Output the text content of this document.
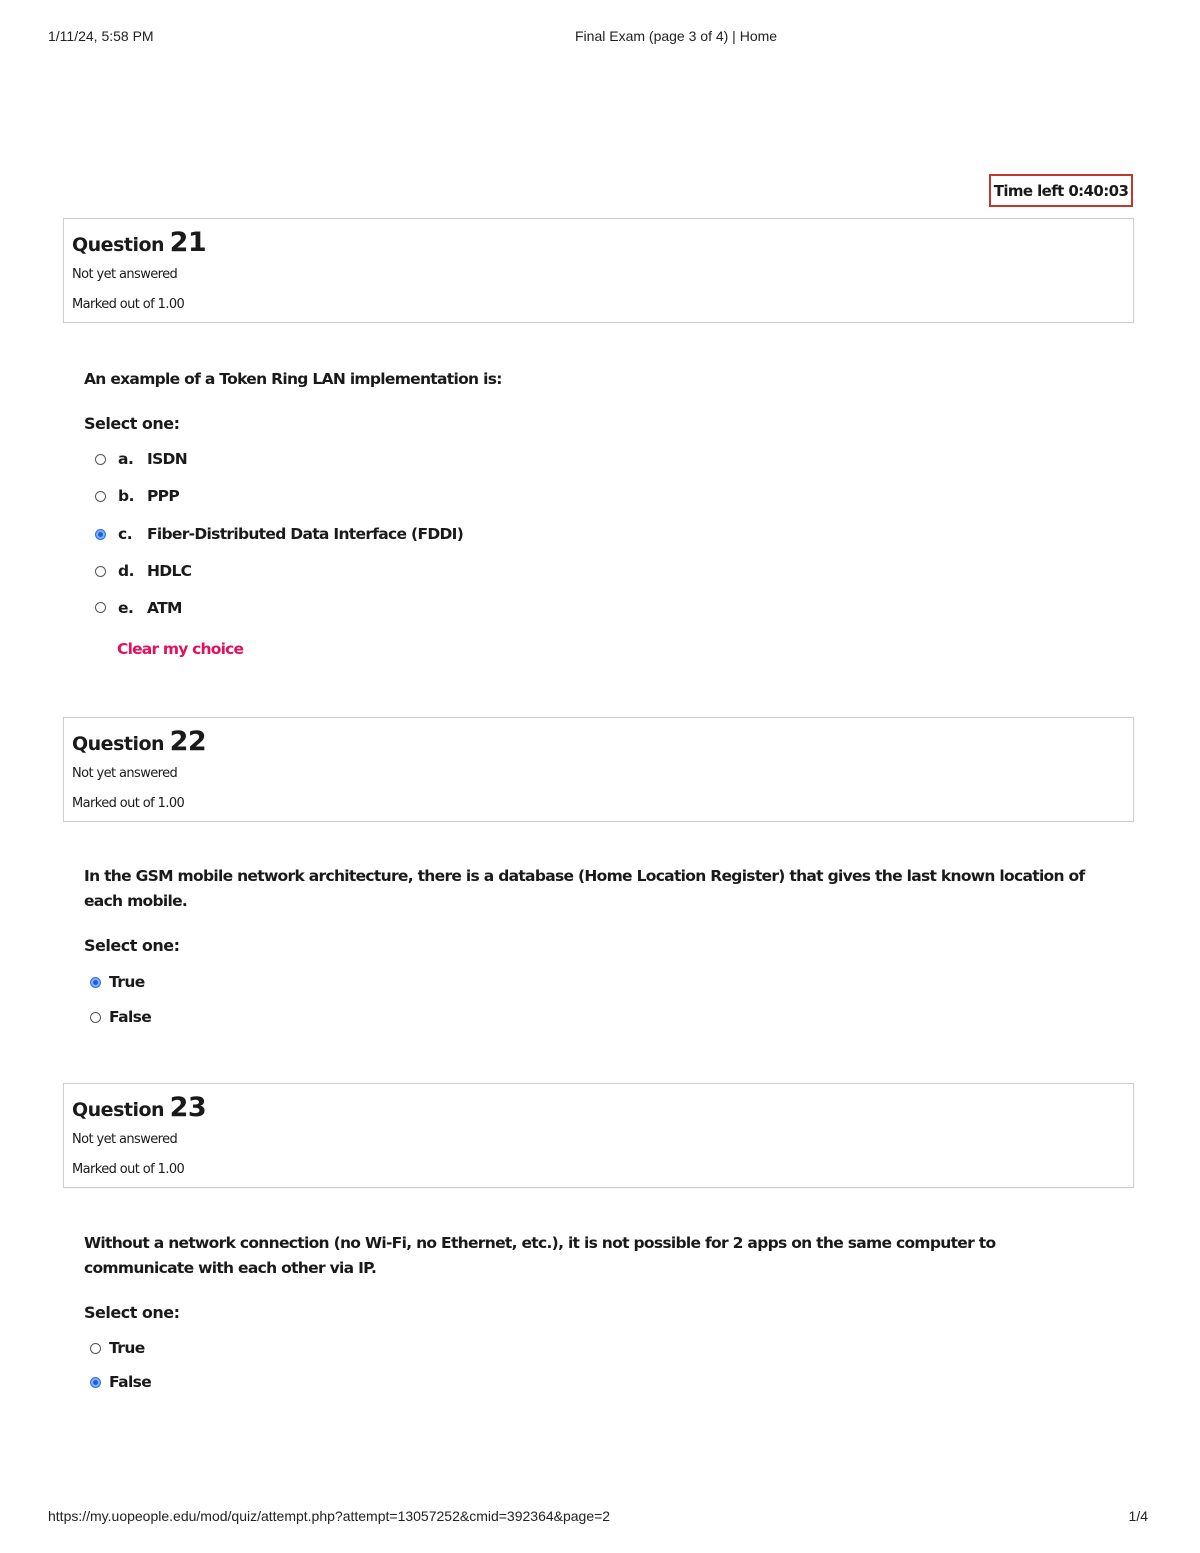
1/11/24, 5:58 PM	Final Exam (page 3 of 4) | Home
Time left 0:40:03
Question 21
Not yet answered
Marked out of 1.00
An example of a Token Ring LAN implementation is:
Select one:
a. ISDN
b. PPP
c. Fiber-Distributed Data Interface (FDDI)
d. HDLC
e. ATM
Clear my choice
Question 22
Not yet answered
Marked out of 1.00
In the GSM mobile network architecture, there is a database (Home Location Register) that gives the last known location of each mobile.
Select one:
True
False
Question 23
Not yet answered
Marked out of 1.00
Without a network connection (no Wi-Fi, no Ethernet, etc.), it is not possible for 2 apps on the same computer to communicate with each other via IP.
Select one:
True
False
https://my.uopeople.edu/mod/quiz/attempt.php?attempt=13057252&cmid=392364&page=2	1/4
